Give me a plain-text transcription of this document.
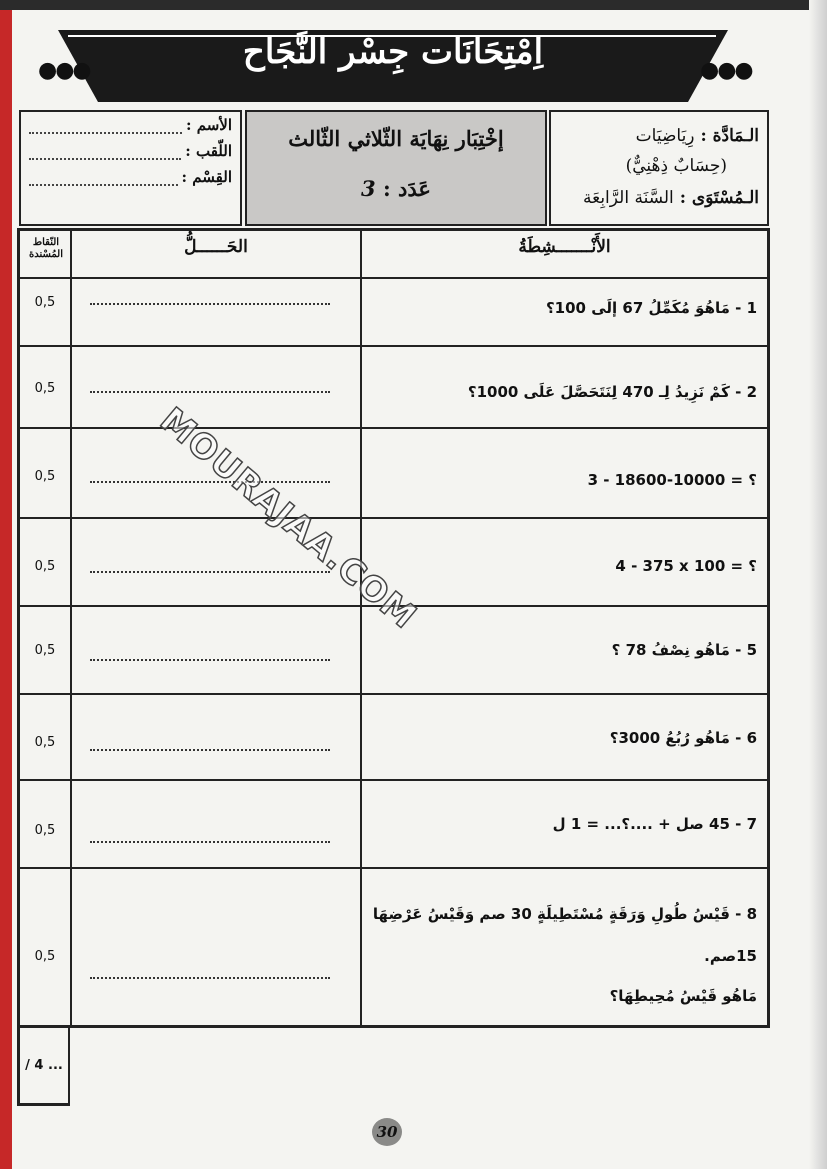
اِمْتِحَانَات جِسْر النَّجَاح
●●●	●●●
الأسم :
اللّقب :
القِسْم :
إخْتِبَار نِهَايَة الثّلاثي الثّالث
عَدَد : 3
الـمَادَّة : رِيَاضِيَات
(حِسَابٌ ذِهْنِيٌّ)
الـمُسْتَوَى : السَّنَة الرَّابِعَة
النّقاط المُسْندة	الحَــــــلُّ	الأَنْـــــــشِطَةُ
1 - مَاهُوَ مُكَمِّلُ 67 إلَى 100؟
0,5
2 - كَمْ نَزِيدُ لِـ 470 لِنَتَحَصَّلَ عَلَى 1000؟
0,5
3 - 18600-10000 = ؟
0,5
4 - 375 x 100 = ؟
0,5
5 - مَاهُو نِصْفُ 78 ؟
0,5
6 - مَاهُو رُبُعُ 3000؟
0,5
7 - 45 صل + ....؟... = 1 ل
0,5
8 - قَيْسُ طُولِ وَرَقَةٍ مُسْتَطِيلَةٍ 30 صم وَقَيْسُ عَرْضِهَا 15صم.
مَاهُو قَيْسُ مُحِيطِهَا؟
0,5
/ 4 ...
30
MOURAJAA.COM
